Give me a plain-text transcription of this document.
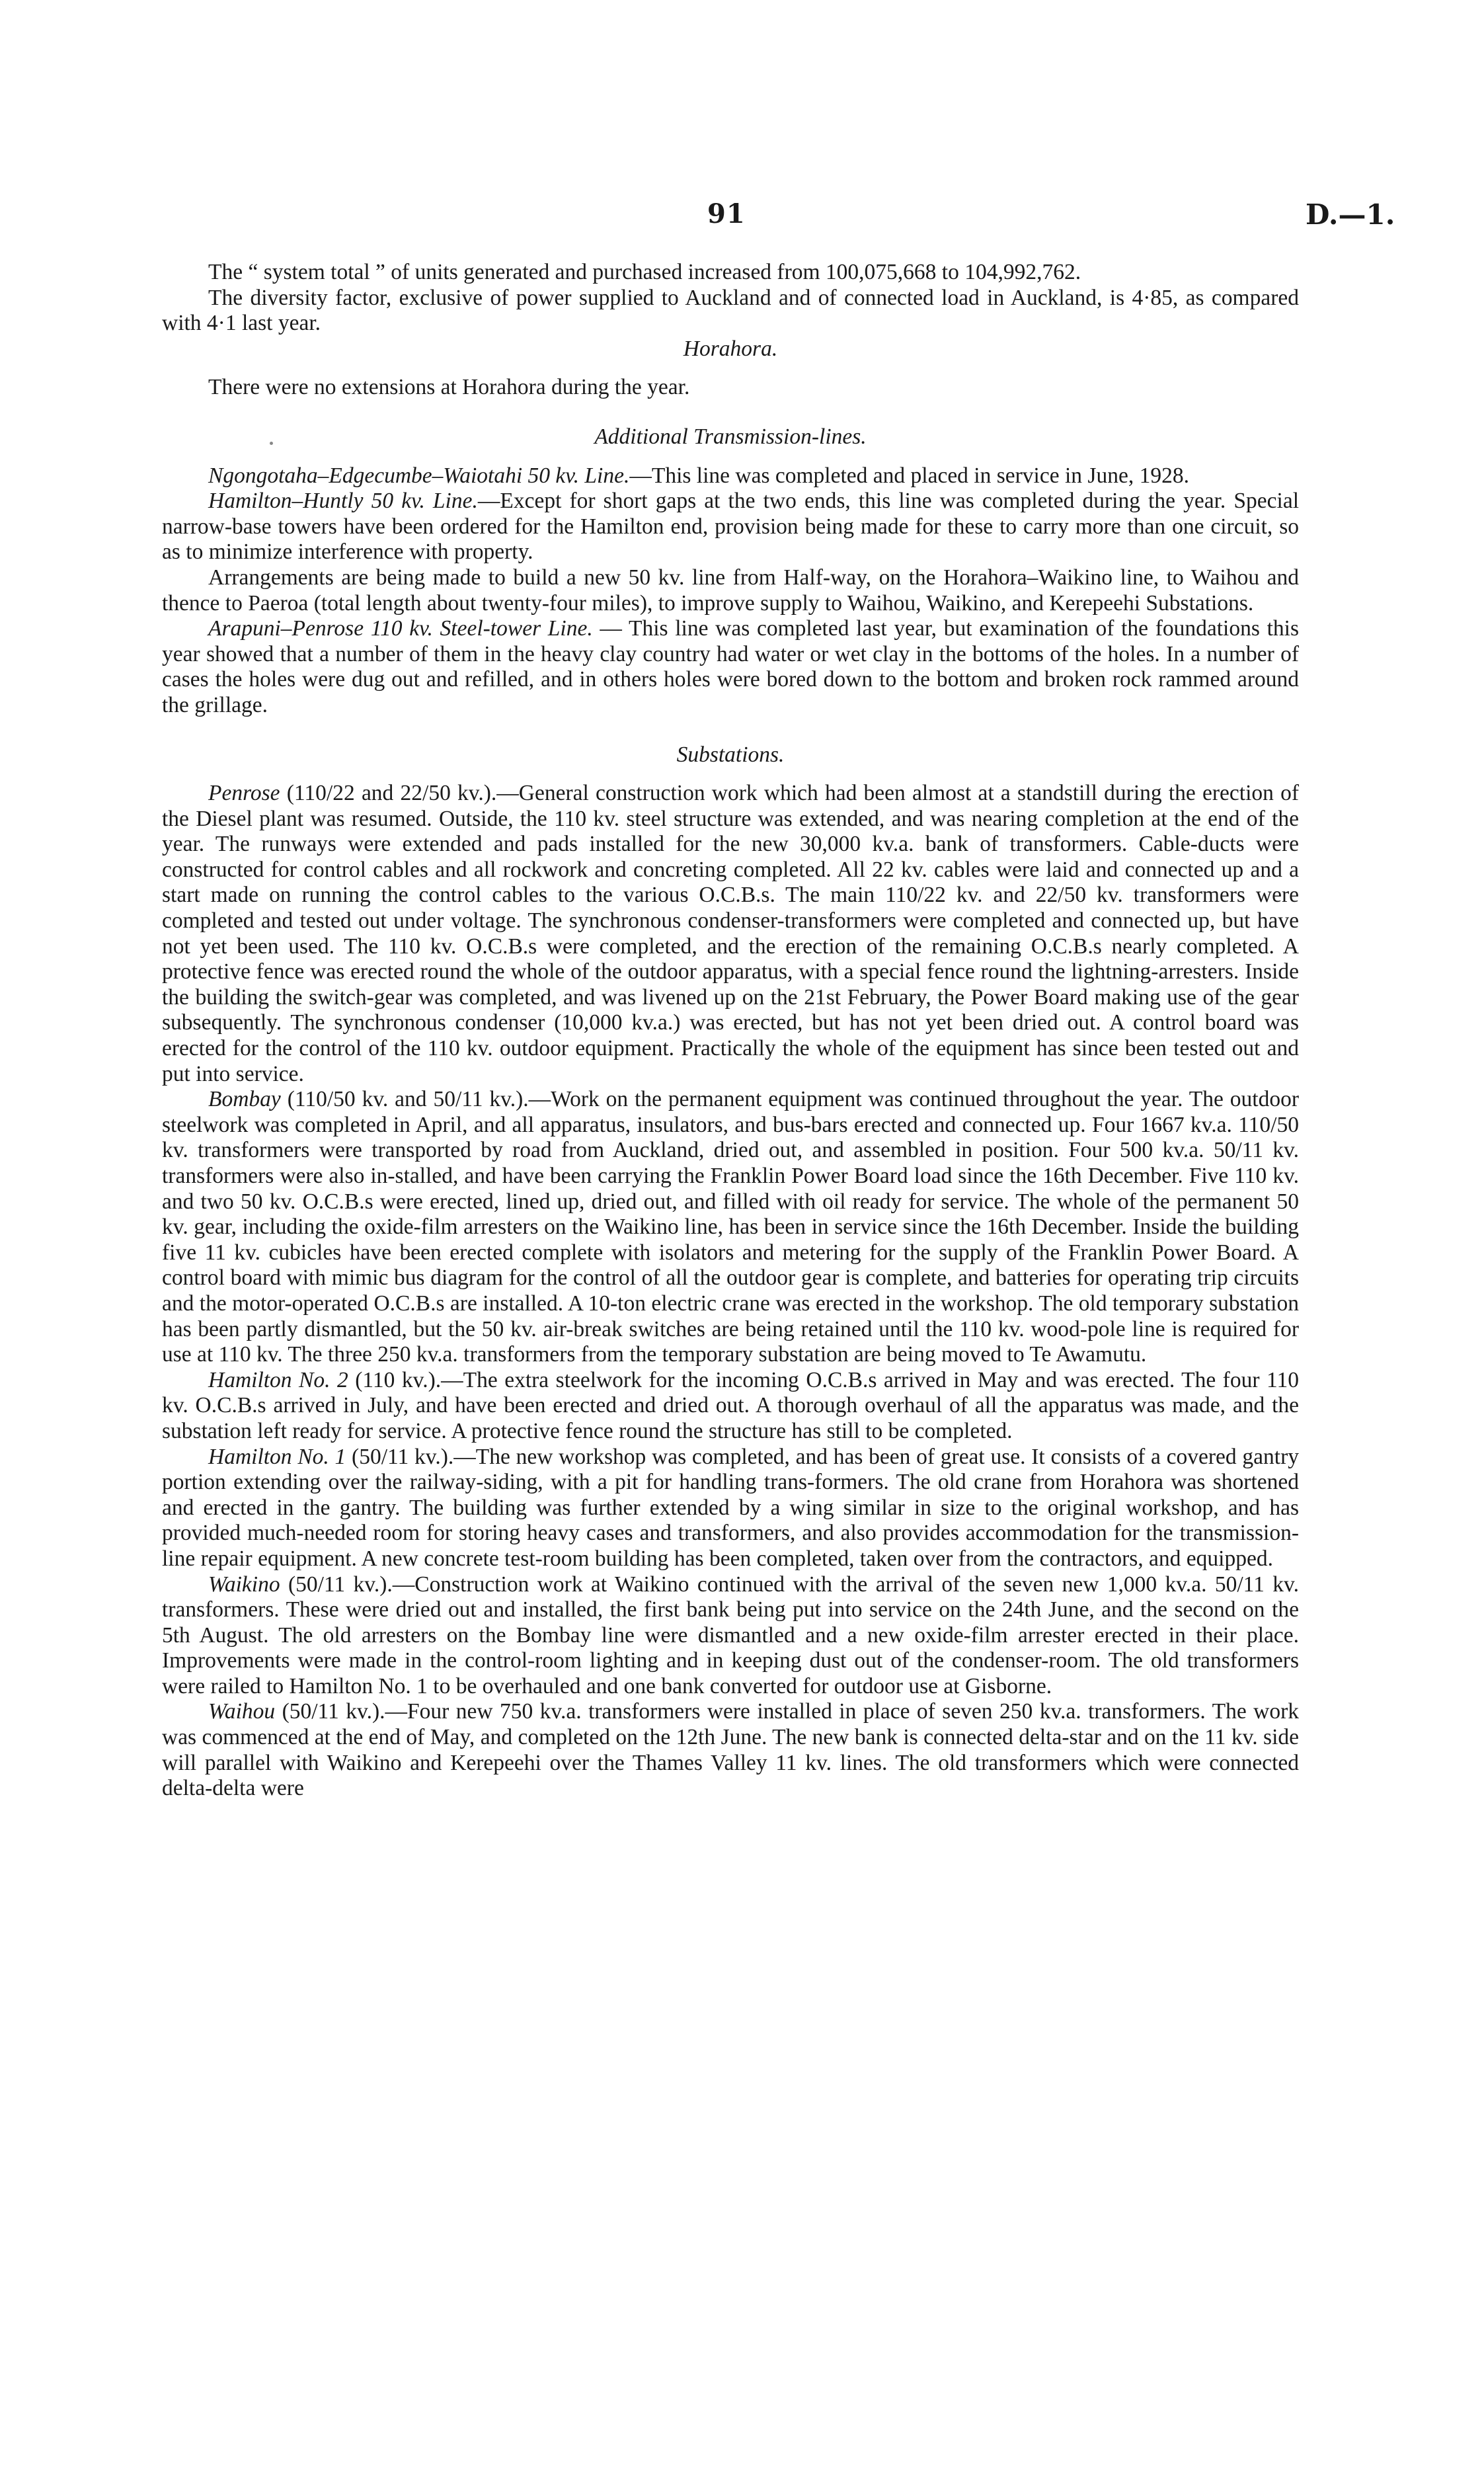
91	D.—1.

The “ system total ” of units generated and purchased increased from 100,075,668 to 104,992,762.

The diversity factor, exclusive of power supplied to Auckland and of connected load in Auckland, is 4·85, as compared with 4·1 last year.

Horahora.

There were no extensions at Horahora during the year.

Additional Transmission-lines.

Ngongotaha–Edgecumbe–Waiotahi 50 kv. Line.—This line was completed and placed in service in June, 1928.

Hamilton–Huntly 50 kv. Line.—Except for short gaps at the two ends, this line was completed during the year. Special narrow-base towers have been ordered for the Hamilton end, provision being made for these to carry more than one circuit, so as to minimize interference with property.

Arrangements are being made to build a new 50 kv. line from Half-way, on the Horahora–Waikino line, to Waihou and thence to Paeroa (total length about twenty-four miles), to improve supply to Waihou, Waikino, and Kerepeehi Substations.

Arapuni–Penrose 110 kv. Steel-tower Line. — This line was completed last year, but examination of the foundations this year showed that a number of them in the heavy clay country had water or wet clay in the bottoms of the holes. In a number of cases the holes were dug out and refilled, and in others holes were bored down to the bottom and broken rock rammed around the grillage.

Substations.

Penrose (110/22 and 22/50 kv.).—General construction work which had been almost at a standstill during the erection of the Diesel plant was resumed. Outside, the 110 kv. steel structure was extended, and was nearing completion at the end of the year. The runways were extended and pads installed for the new 30,000 kv.a. bank of transformers. Cable-ducts were constructed for control cables and all rockwork and concreting completed. All 22 kv. cables were laid and connected up and a start made on running the control cables to the various O.C.B.s. The main 110/22 kv. and 22/50 kv. transformers were completed and tested out under voltage. The synchronous condenser-transformers were completed and connected up, but have not yet been used. The 110 kv. O.C.B.s were completed, and the erection of the remaining O.C.B.s nearly completed. A protective fence was erected round the whole of the outdoor apparatus, with a special fence round the lightning-arresters. Inside the building the switch-gear was completed, and was livened up on the 21st February, the Power Board making use of the gear subsequently. The synchronous condenser (10,000 kv.a.) was erected, but has not yet been dried out. A control board was erected for the control of the 110 kv. outdoor equipment. Practically the whole of the equipment has since been tested out and put into service.

Bombay (110/50 kv. and 50/11 kv.).—Work on the permanent equipment was continued throughout the year. The outdoor steelwork was completed in April, and all apparatus, insulators, and bus-bars erected and connected up. Four 1667 kv.a. 110/50 kv. transformers were transported by road from Auckland, dried out, and assembled in position. Four 500 kv.a. 50/11 kv. transformers were also in-stalled, and have been carrying the Franklin Power Board load since the 16th December. Five 110 kv. and two 50 kv. O.C.B.s were erected, lined up, dried out, and filled with oil ready for service. The whole of the permanent 50 kv. gear, including the oxide-film arresters on the Waikino line, has been in service since the 16th December. Inside the building five 11 kv. cubicles have been erected complete with isolators and metering for the supply of the Franklin Power Board. A control board with mimic bus diagram for the control of all the outdoor gear is complete, and batteries for operating trip circuits and the motor-operated O.C.B.s are installed. A 10-ton electric crane was erected in the workshop. The old temporary substation has been partly dismantled, but the 50 kv. air-break switches are being retained until the 110 kv. wood-pole line is required for use at 110 kv. The three 250 kv.a. transformers from the temporary substation are being moved to Te Awamutu.

Hamilton No. 2 (110 kv.).—The extra steelwork for the incoming O.C.B.s arrived in May and was erected. The four 110 kv. O.C.B.s arrived in July, and have been erected and dried out. A thorough overhaul of all the apparatus was made, and the substation left ready for service. A protective fence round the structure has still to be completed.

Hamilton No. 1 (50/11 kv.).—The new workshop was completed, and has been of great use. It consists of a covered gantry portion extending over the railway-siding, with a pit for handling trans-formers. The old crane from Horahora was shortened and erected in the gantry. The building was further extended by a wing similar in size to the original workshop, and has provided much-needed room for storing heavy cases and transformers, and also provides accommodation for the transmission-line repair equipment. A new concrete test-room building has been completed, taken over from the contractors, and equipped.

Waikino (50/11 kv.).—Construction work at Waikino continued with the arrival of the seven new 1,000 kv.a. 50/11 kv. transformers. These were dried out and installed, the first bank being put into service on the 24th June, and the second on the 5th August. The old arresters on the Bombay line were dismantled and a new oxide-film arrester erected in their place. Improvements were made in the control-room lighting and in keeping dust out of the condenser-room. The old transformers were railed to Hamilton No. 1 to be overhauled and one bank converted for outdoor use at Gisborne.

Waihou (50/11 kv.).—Four new 750 kv.a. transformers were installed in place of seven 250 kv.a. transformers. The work was commenced at the end of May, and completed on the 12th June. The new bank is connected delta-star and on the 11 kv. side will parallel with Waikino and Kerepeehi over the Thames Valley 11 kv. lines. The old transformers which were connected delta-delta were
